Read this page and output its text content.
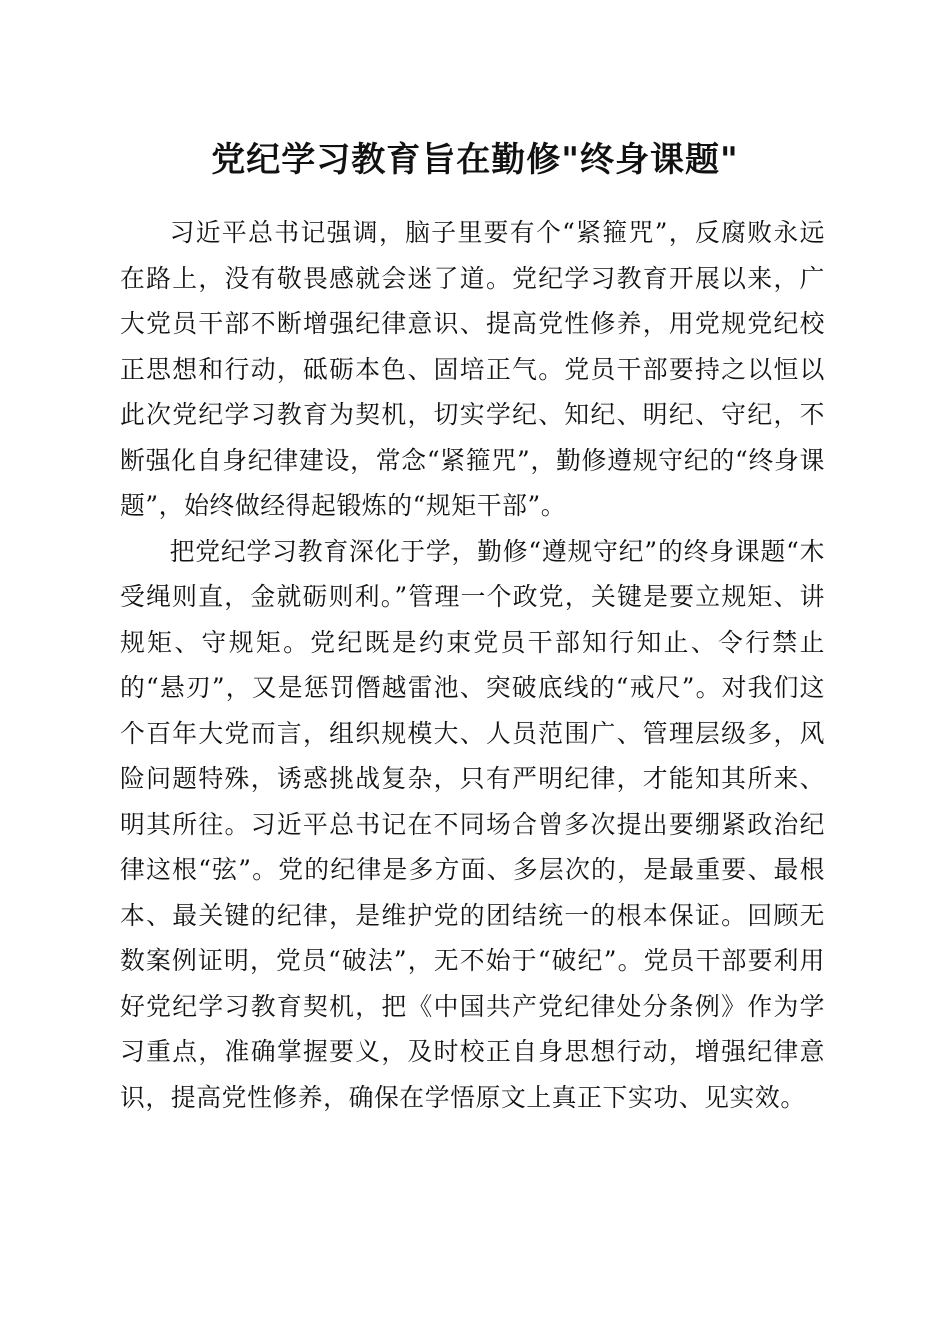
党纪学习教育旨在勤修"终身课题"

习近平总书记强调，脑子里要有个“紧箍咒”，反腐败永远在路上，没有敬畏感就会迷了道。党纪学习教育开展以来，广大党员干部不断增强纪律意识、提高党性修养，用党规党纪校正思想和行动，砥砺本色、固培正气。党员干部要持之以恒以此次党纪学习教育为契机，切实学纪、知纪、明纪、守纪，不断强化自身纪律建设，常念“紧箍咒”，勤修遵规守纪的“终身课题”，始终做经得起锻炼的“规矩干部”。

把党纪学习教育深化于学，勤修“遵规守纪”的终身课题“木受绳则直，金就砺则利。”管理一个政党，关键是要立规矩、讲规矩、守规矩。党纪既是约束党员干部知行知止、令行禁止的“悬刃”，又是惩罚僭越雷池、突破底线的“戒尺”。对我们这个百年大党而言，组织规模大、人员范围广、管理层级多，风险问题特殊，诱惑挑战复杂，只有严明纪律，才能知其所来、明其所往。习近平总书记在不同场合曾多次提出要绷紧政治纪律这根“弦”。党的纪律是多方面、多层次的，是最重要、最根本、最关键的纪律，是维护党的团结统一的根本保证。回顾无数案例证明，党员“破法”，无不始于“破纪”。党员干部要利用好党纪学习教育契机，把《中国共产党纪律处分条例》作为学习重点，准确掌握要义，及时校正自身思想行动，增强纪律意识，提高党性修养，确保在学悟原文上真正下实功、见实效。
